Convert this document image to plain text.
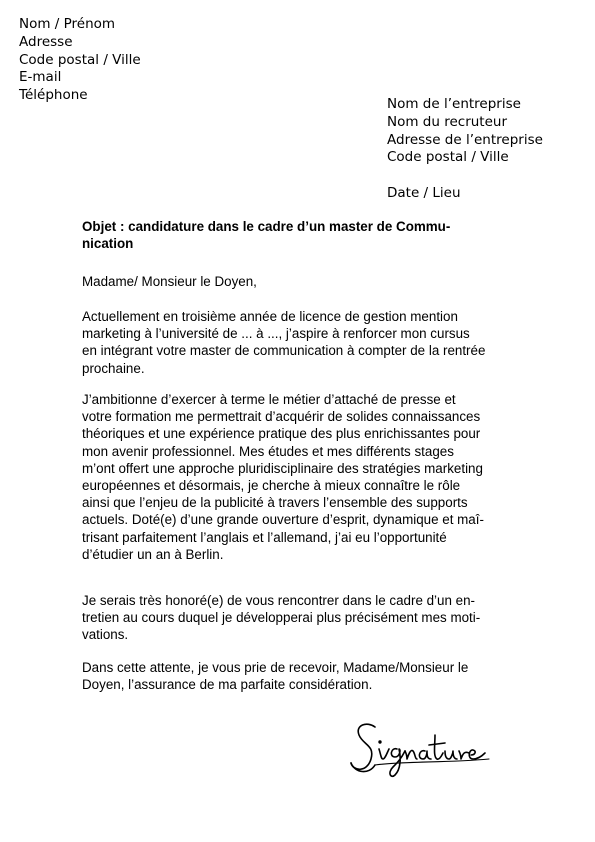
Nom / Prénom
Adresse
Code postal / Ville
E-mail
Téléphone
Nom de l’entreprise
Nom du recruteur
Adresse de l’entreprise
Code postal / Ville
Date / Lieu
Objet : candidature dans le cadre d’un master de Commu-
nication
Madame/ Monsieur le Doyen,
Actuellement en troisième année de licence de gestion mention
marketing à l’université de ... à ..., j’aspire à renforcer mon cursus
en intégrant votre master de communication à compter de la rentrée
prochaine.
J’ambitionne d’exercer à terme le métier d’attaché de presse et
votre formation me permettrait d’acquérir de solides connaissances
théoriques et une expérience pratique des plus enrichissantes pour
mon avenir professionnel. Mes études et mes différents stages
m’ont offert une approche pluridisciplinaire des stratégies marketing
européennes et désormais, je cherche à mieux connaître le rôle
ainsi que l’enjeu de la publicité à travers l’ensemble des supports
actuels. Doté(e) d’une grande ouverture d’esprit, dynamique et maî-
trisant parfaitement l’anglais et l’allemand, j’ai eu l’opportunité
d’étudier un an à Berlin.
Je serais très honoré(e) de vous rencontrer dans le cadre d’un en-
tretien au cours duquel je développerai plus précisément mes moti-
vations.
Dans cette attente, je vous prie de recevoir, Madame/Monsieur le
Doyen, l’assurance de ma parfaite considération.
